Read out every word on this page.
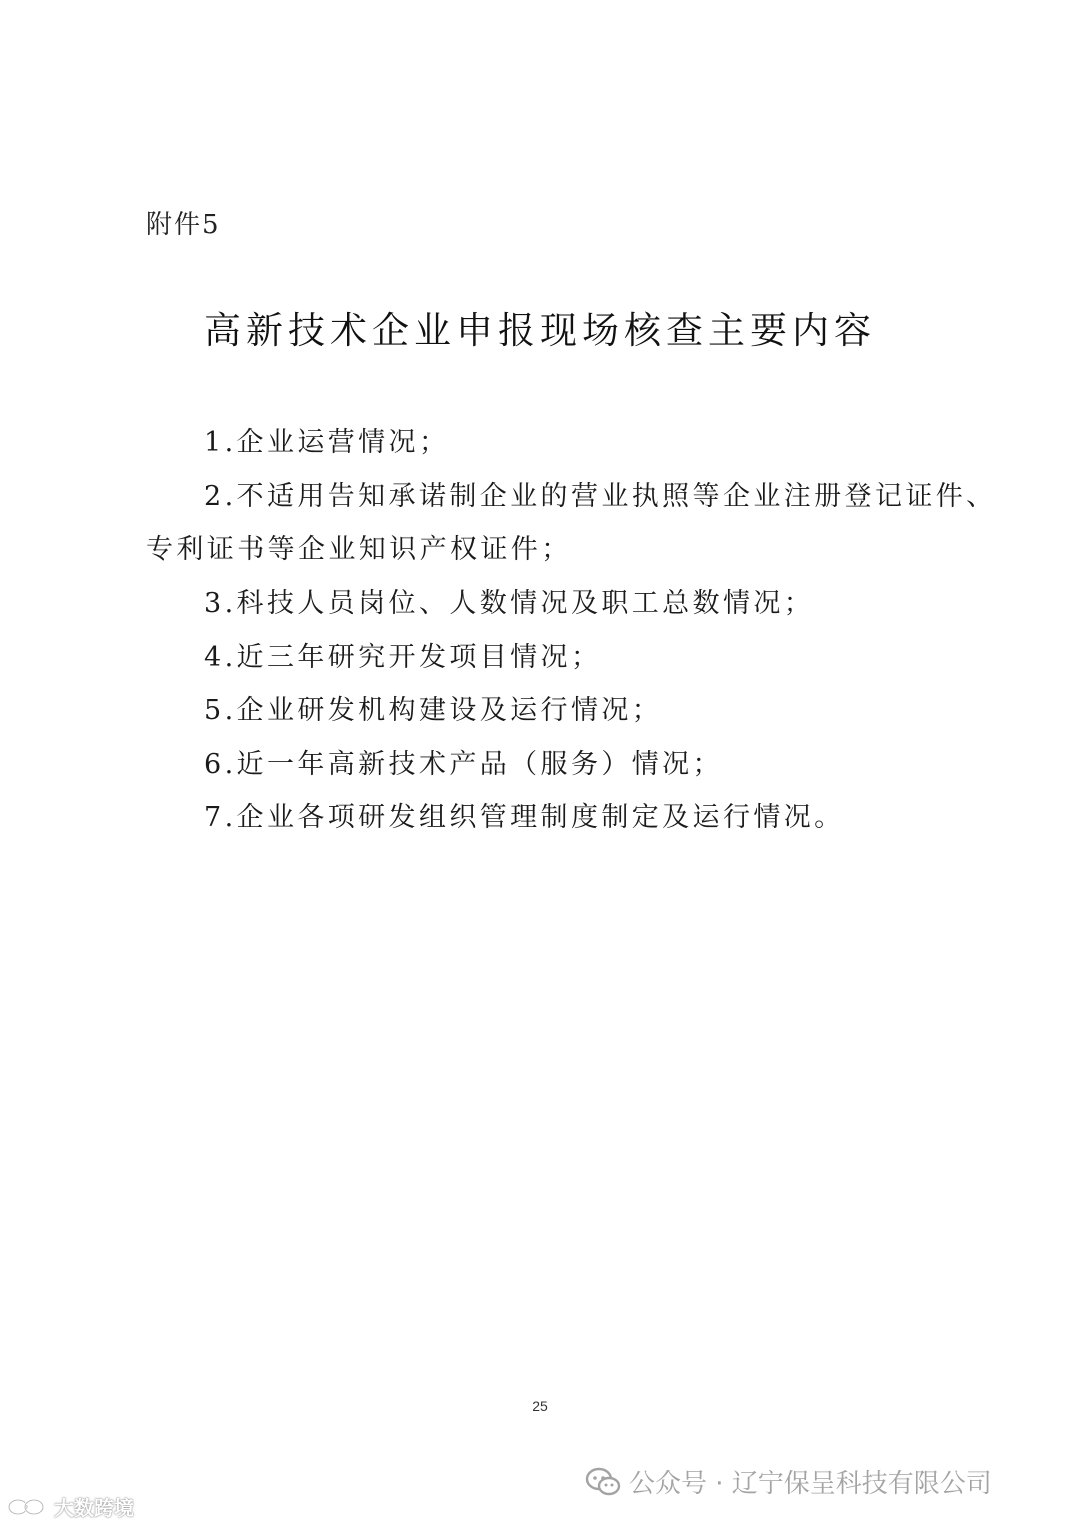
附件5
高新技术企业申报现场核查主要内容
1.企业运营情况；
2.不适用告知承诺制企业的营业执照等企业注册登记证件、
专利证书等企业知识产权证件；
3.科技人员岗位、人数情况及职工总数情况；
4.近三年研究开发项目情况；
5.企业研发机构建设及运行情况；
6.近一年高新技术产品（服务）情况；
7.企业各项研发组织管理制度制定及运行情况。
25
公众号 · 辽宁保呈科技有限公司
大数跨境
